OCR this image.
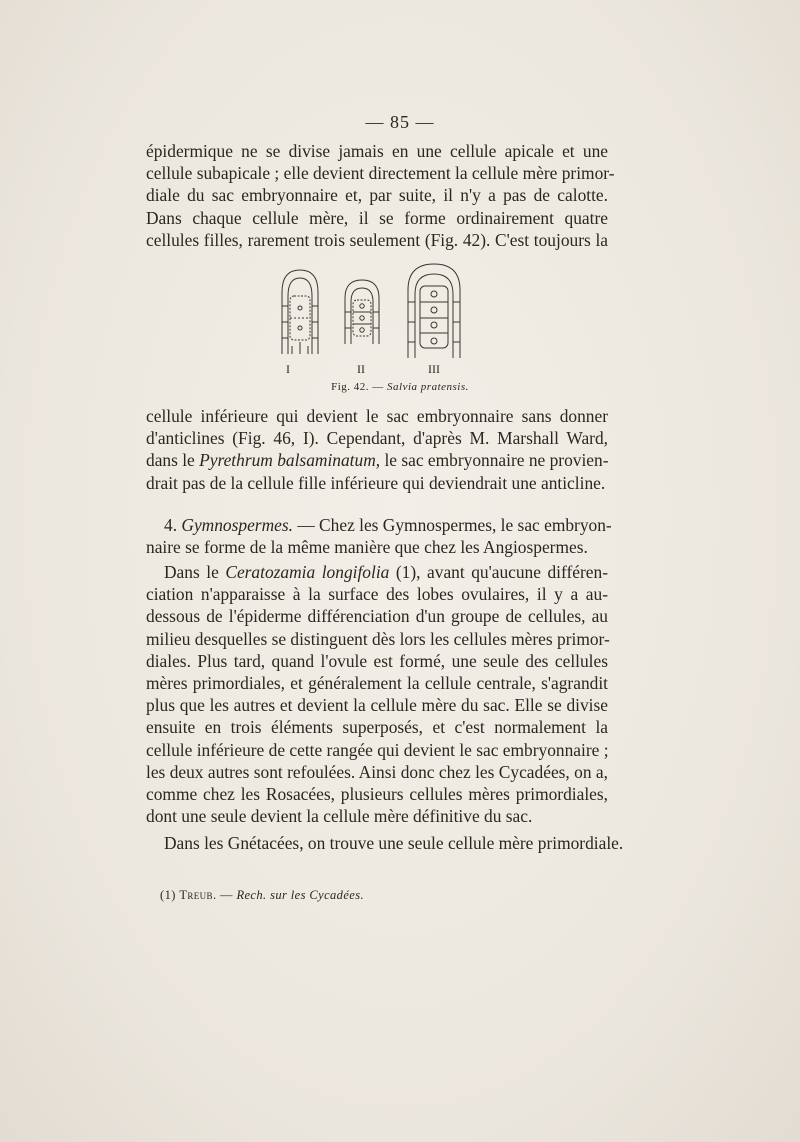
— 85 —
épidermique ne se divise jamais en une cellule apicale et une
cellule subapicale ; elle devient directement la cellule mère primor-
diale du sac embryonnaire et, par suite, il n'y a pas de calotte.
Dans chaque cellule mère, il se forme ordinairement quatre
cellules filles, rarement trois seulement (Fig. 42). C'est toujours la
I	II	III
Fig. 42. — Salvia pratensis.
cellule inférieure qui devient le sac embryonnaire sans donner
d'anticlines (Fig. 46, I). Cependant, d'après M. Marshall Ward,
dans le Pyrethrum balsaminatum, le sac embryonnaire ne provien-
drait pas de la cellule fille inférieure qui deviendrait une anticline.
4. Gymnospermes. — Chez les Gymnospermes, le sac embryon-
naire se forme de la même manière que chez les Angiospermes.
Dans le Ceratozamia longifolia (1), avant qu'aucune différen-
ciation n'apparaisse à la surface des lobes ovulaires, il y a au-
dessous de l'épiderme différenciation d'un groupe de cellules, au
milieu desquelles se distinguent dès lors les cellules mères primor-
diales. Plus tard, quand l'ovule est formé, une seule des cellules
mères primordiales, et généralement la cellule centrale, s'agrandit
plus que les autres et devient la cellule mère du sac. Elle se divise
ensuite en trois éléments superposés, et c'est normalement la
cellule inférieure de cette rangée qui devient le sac embryonnaire ;
les deux autres sont refoulées. Ainsi donc chez les Cycadées, on a,
comme chez les Rosacées, plusieurs cellules mères primordiales,
dont une seule devient la cellule mère définitive du sac.
Dans les Gnétacées, on trouve une seule cellule mère primordiale.
(1) Treub. — Rech. sur les Cycadées.
